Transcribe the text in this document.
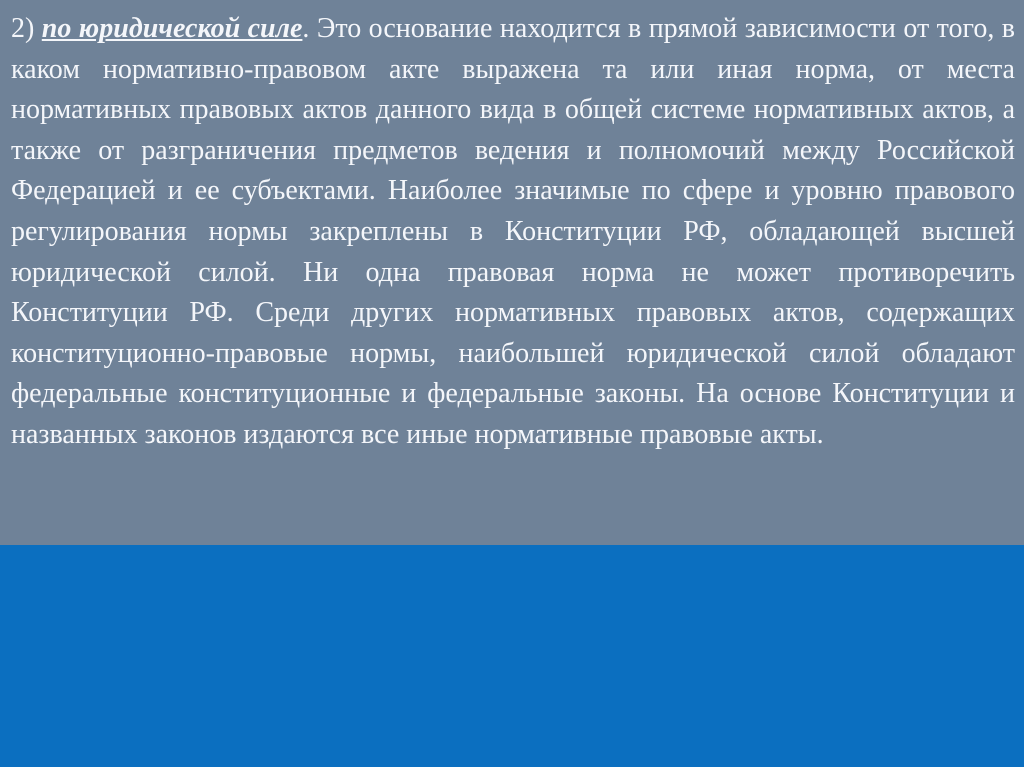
2) по юридической силе. Это основание находится в прямой зависимости от того, в каком нормативно-правовом акте выражена та или иная норма, от места нормативных правовых актов данного вида в общей системе нормативных актов, а также от разграничения предметов ведения и полномочий между Российской Федерацией и ее субъектами. Наиболее значимые по сфере и уровню правового регулирования нормы закреплены в Конституции РФ, обладающей высшей юридической силой. Ни одна правовая норма не может противоречить Конституции РФ. Среди других нормативных правовых актов, содержащих конституционно-правовые нормы, наибольшей юридической силой обладают федеральные конституционные и федеральные законы. На основе Конституции и названных законов издаются все иные нормативные правовые акты.
